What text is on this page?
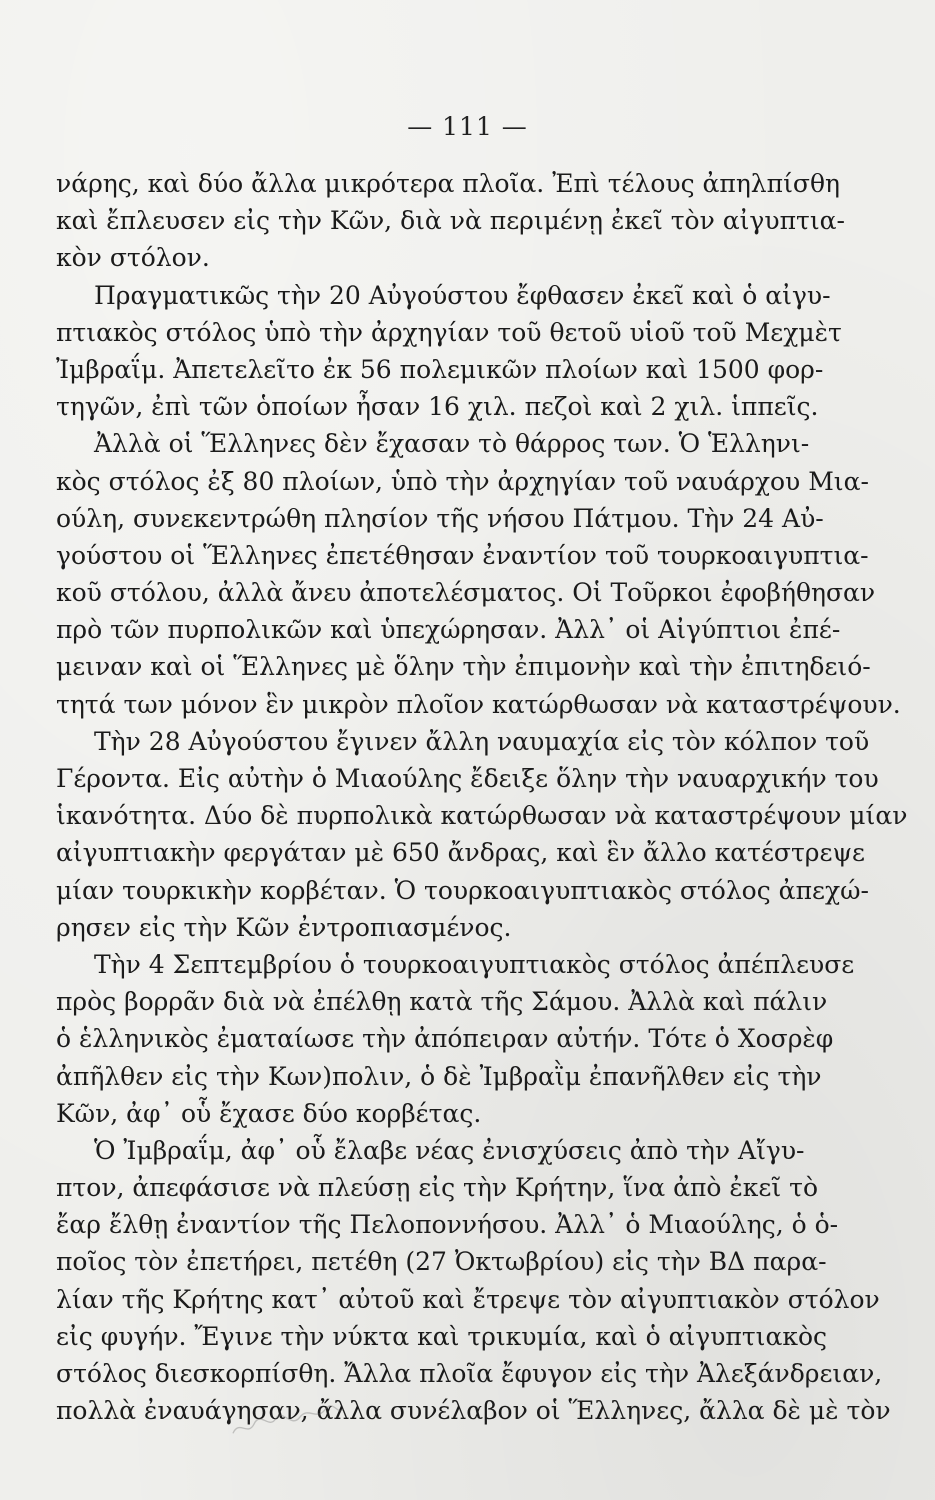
— 111 —
νάρης, καὶ δύο ἄλλα μικρότερα πλοῖα. Ἐπὶ τέλους ἀπηλπίσθη
καὶ ἔπλευσεν εἰς τὴν Κῶν, διὰ νὰ περιμένῃ ἐκεῖ τὸν αἰγυπτια-
κὸν στόλον.
Πραγματικῶς τὴν 20 Αὐγούστου ἔφθασεν ἐκεῖ καὶ ὁ αἰγυ-
πτιακὸς στόλος ὑπὸ τὴν ἀρχηγίαν τοῦ θετοῦ υἱοῦ τοῦ Μεχμὲτ
Ἰμβραΐμ. Ἀπετελεῖτο ἐκ 56 πολεμικῶν πλοίων καὶ 1500 φορ-
τηγῶν, ἐπὶ τῶν ὁποίων ἦσαν 16 χιλ. πεζοὶ καὶ 2 χιλ. ἱππεῖς.
Ἀλλὰ οἱ Ἕλληνες δὲν ἔχασαν τὸ θάρρος των. Ὁ Ἑλληνι-
κὸς στόλος ἐξ 80 πλοίων, ὑπὸ τὴν ἀρχηγίαν τοῦ ναυάρχου Μια-
ούλη, συνεκεντρώθη πλησίον τῆς νήσου Πάτμου. Τὴν 24 Αὐ-
γούστου οἱ Ἕλληνες ἐπετέθησαν ἐναντίον τοῦ τουρκοαιγυπτια-
κοῦ στόλου, ἀλλὰ ἄνευ ἀποτελέσματος. Οἱ Τοῦρκοι ἐφοβήθησαν
πρὸ τῶν πυρπολικῶν καὶ ὑπεχώρησαν. Ἀλλ᾽ οἱ Αἰγύπτιοι ἐπέ-
μειναν καὶ οἱ Ἕλληνες μὲ ὅλην τὴν ἐπιμονὴν καὶ τὴν ἐπιτηδειό-
τητά των μόνον ἓν μικρὸν πλοῖον κατώρθωσαν νὰ καταστρέψουν.
Τὴν 28 Αὐγούστου ἔγινεν ἄλλη ναυμαχία εἰς τὸν κόλπον τοῦ
Γέροντα. Εἰς αὐτὴν ὁ Μιαούλης ἔδειξε ὅλην τὴν ναυαρχικήν του
ἱκανότητα. Δύο δὲ πυρπολικὰ κατώρθωσαν νὰ καταστρέψουν μίαν
αἰγυπτιακὴν φεργάταν μὲ 650 ἄνδρας, καὶ ἓν ἄλλο κατέστρεψε
μίαν τουρκικὴν κορβέταν. Ὁ τουρκοαιγυπτιακὸς στόλος ἀπεχώ-
ρησεν εἰς τὴν Κῶν ἐντροπιασμένος.
Τὴν 4 Σεπτεμβρίου ὁ τουρκοαιγυπτιακὸς στόλος ἀπέπλευσε
πρὸς βορρᾶν διὰ νὰ ἐπέλθῃ κατὰ τῆς Σάμου. Ἀλλὰ καὶ πάλιν
ὁ ἑλληνικὸς ἐματαίωσε τὴν ἀπόπειραν αὐτήν. Τότε ὁ Χοσρὲφ
ἀπῆλθεν εἰς τὴν Κων)πολιν, ὁ δὲ Ἰμβραῒμ ἐπανῆλθεν εἰς τὴν
Κῶν, ἀφ᾽ οὗ ἔχασε δύο κορβέτας.
Ὁ Ἰμβραΐμ, ἀφ᾽ οὗ ἔλαβε νέας ἐνισχύσεις ἀπὸ τὴν Αἴγυ-
πτον, ἀπεφάσισε νὰ πλεύσῃ εἰς τὴν Κρήτην, ἵνα ἀπὸ ἐκεῖ τὸ
ἔαρ ἔλθῃ ἐναντίον τῆς Πελοποννήσου. Ἀλλ᾽ ὁ Μιαούλης, ὁ ὁ-
ποῖος τὸν ἐπετήρει, πετέθη (27 Ὀκτωβρίου) εἰς τὴν ΒΔ παρα-
λίαν τῆς Κρήτης κατ᾽ αὐτοῦ καὶ ἔτρεψε τὸν αἰγυπτιακὸν στόλον
εἰς φυγήν. Ἔγινε τὴν νύκτα καὶ τρικυμία, καὶ ὁ αἰγυπτιακὸς
στόλος διεσκορπίσθη. Ἄλλα πλοῖα ἔφυγον εἰς τὴν Ἀλεξάνδρειαν,
πολλὰ ἐναυάγησαν, ἄλλα συνέλαβον οἱ Ἕλληνες, ἄλλα δὲ μὲ τὸν
